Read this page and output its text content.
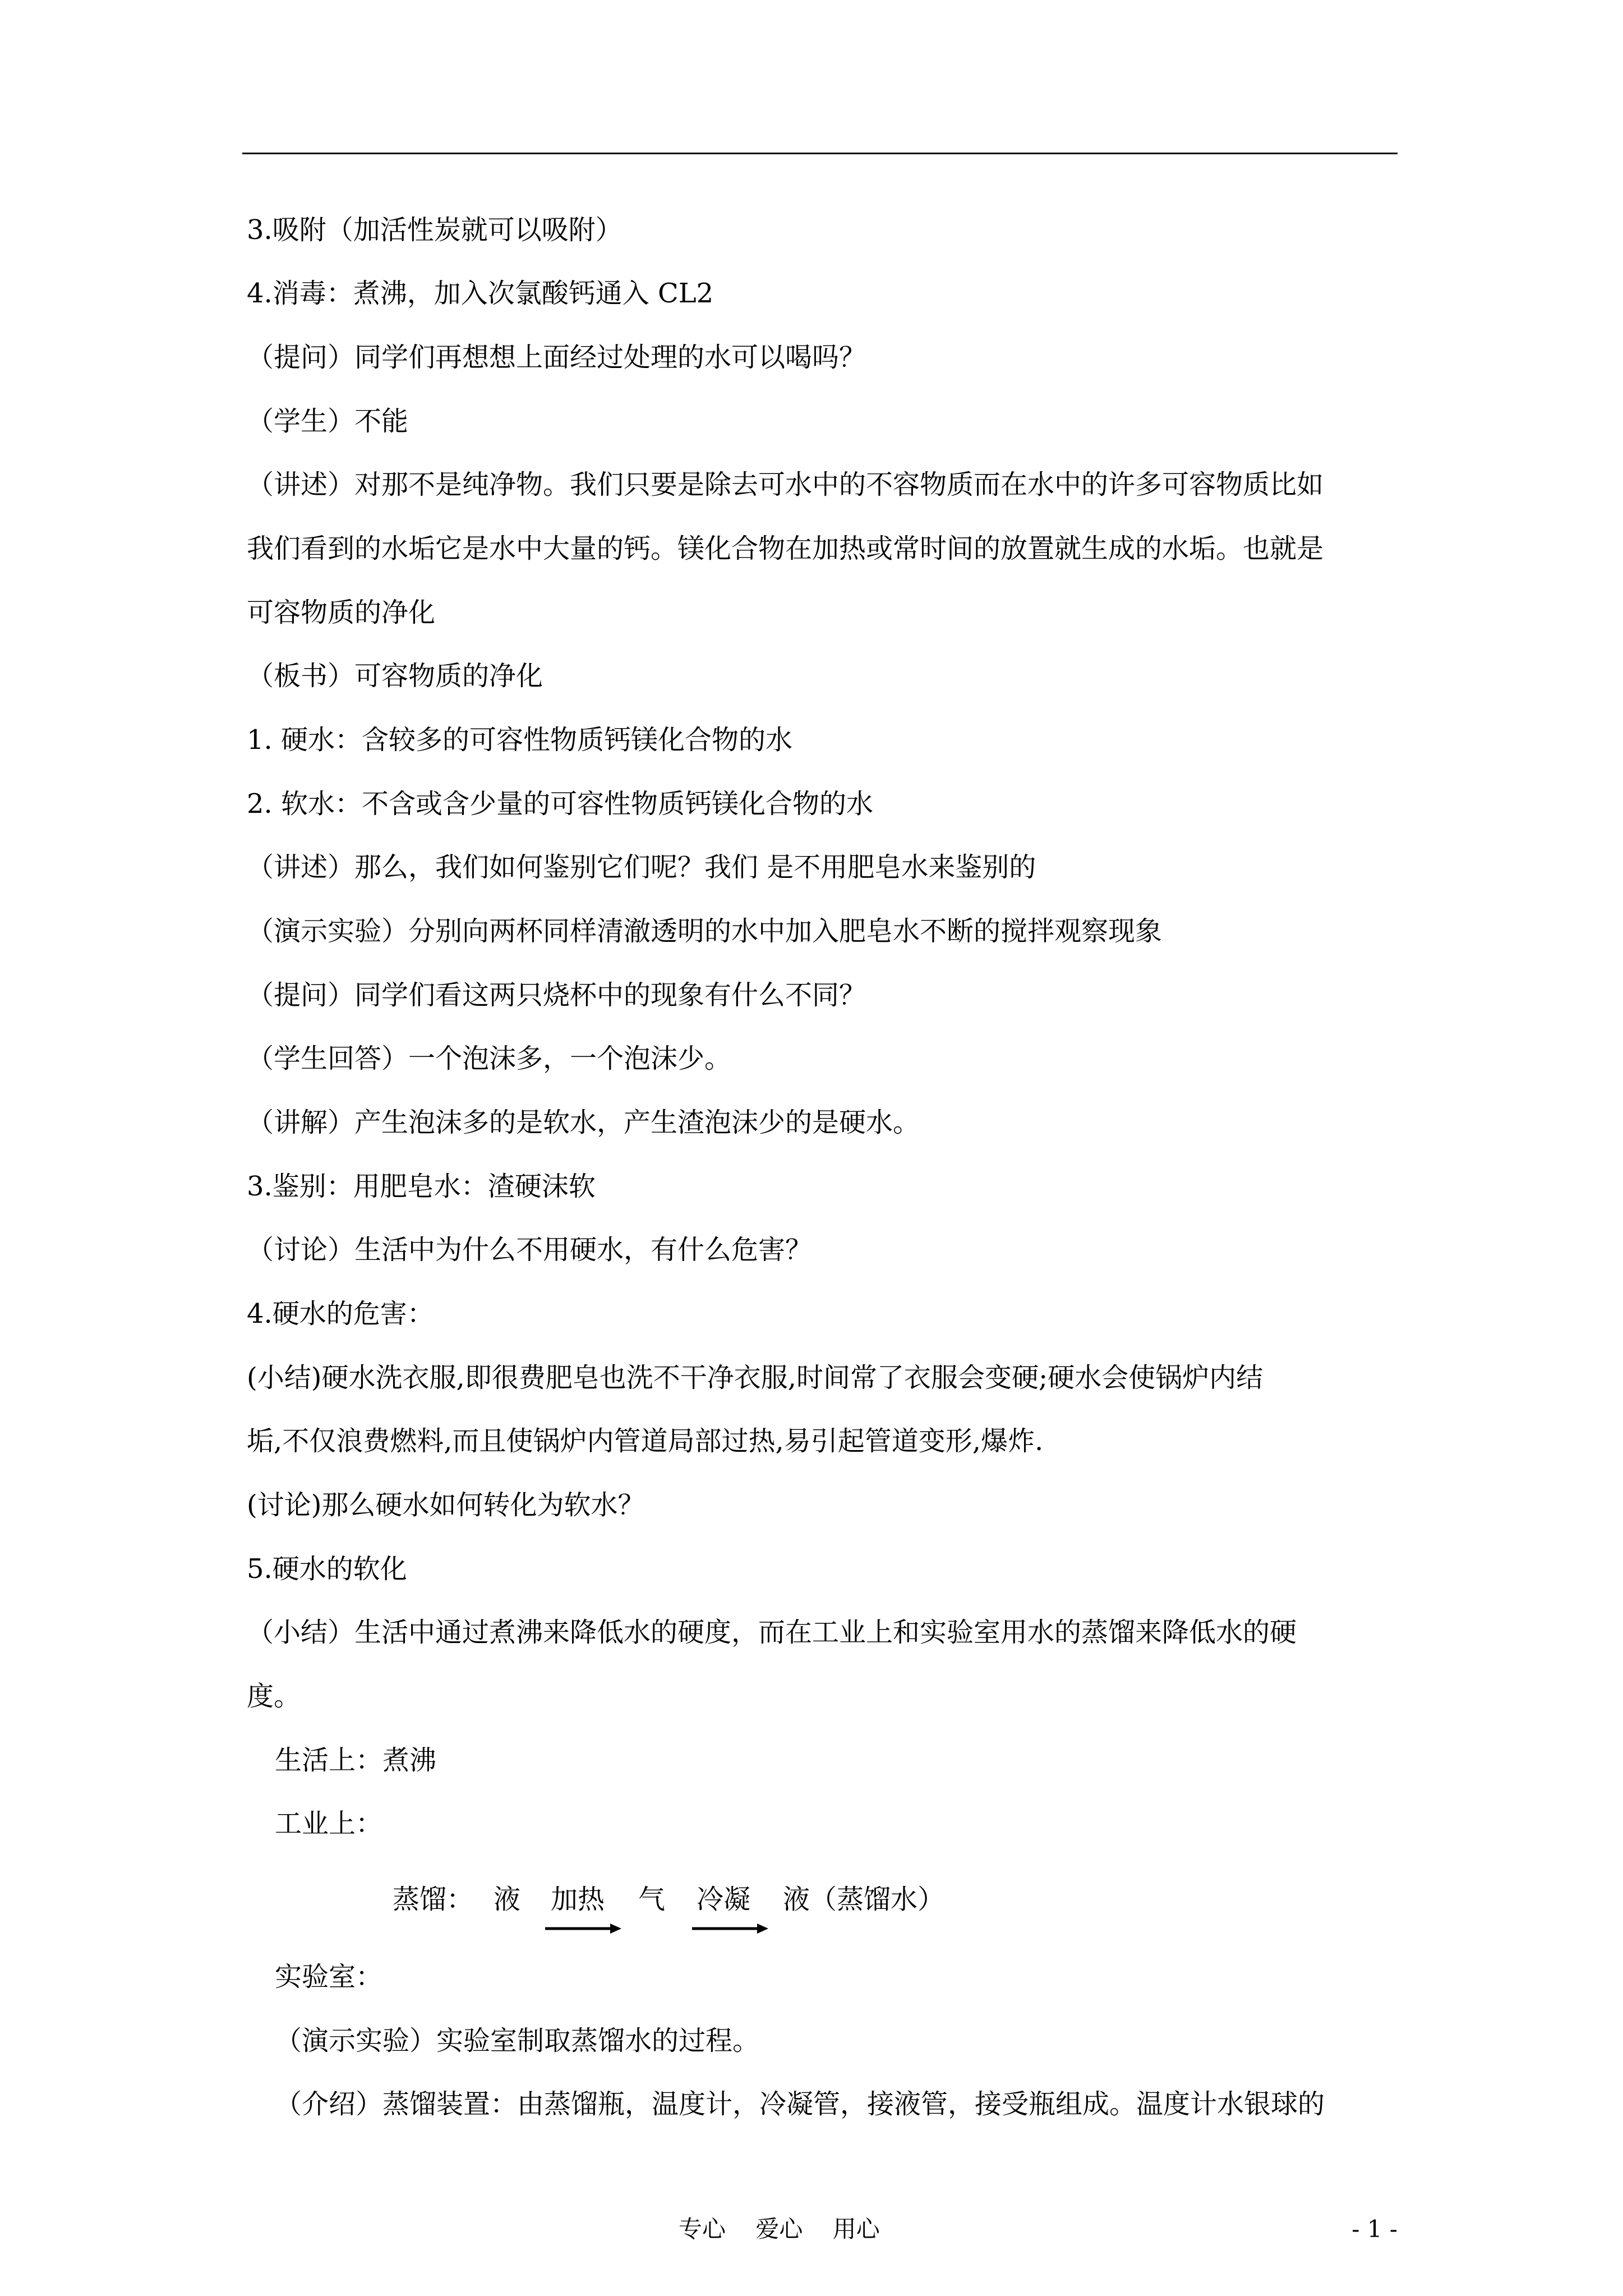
3.吸附（加活性炭就可以吸附）
4.消毒：煮沸，加入次氯酸钙通入 CL2
（提问）同学们再想想上面经过处理的水可以喝吗？
（学生）不能
（讲述）对那不是纯净物。我们只要是除去可水中的不容物质而在水中的许多可容物质比如
我们看到的水垢它是水中大量的钙。镁化合物在加热或常时间的放置就生成的水垢。也就是
可容物质的净化
（板书）可容物质的净化
1. 硬水：含较多的可容性物质钙镁化合物的水
2. 软水：不含或含少量的可容性物质钙镁化合物的水
（讲述）那么，我们如何鉴别它们呢？我们 是不用肥皂水来鉴别的
（演示实验）分别向两杯同样清澈透明的水中加入肥皂水不断的搅拌观察现象
（提问）同学们看这两只烧杯中的现象有什么不同？
（学生回答）一个泡沫多，一个泡沫少。
（讲解）产生泡沫多的是软水，产生渣泡沫少的是硬水。
3.鉴别：用肥皂水：渣硬沫软
（讨论）生活中为什么不用硬水，有什么危害？
4.硬水的危害：
(小结)硬水洗衣服,即很费肥皂也洗不干净衣服,时间常了衣服会变硬;硬水会使锅炉内结
垢,不仅浪费燃料,而且使锅炉内管道局部过热,易引起管道变形,爆炸.
(讨论)那么硬水如何转化为软水？
5.硬水的软化
（小结）生活中通过煮沸来降低水的硬度，而在工业上和实验室用水的蒸馏来降低水的硬
度。
生活上：煮沸
工业上：
蒸馏： 液 加热 气 冷凝 液（蒸馏水）
实验室：
（演示实验）实验室制取蒸馏水的过程。
（介绍）蒸馏装置：由蒸馏瓶，温度计，冷凝管，接液管，接受瓶组成。温度计水银球的
专心    爱心    用心	- 1 -
